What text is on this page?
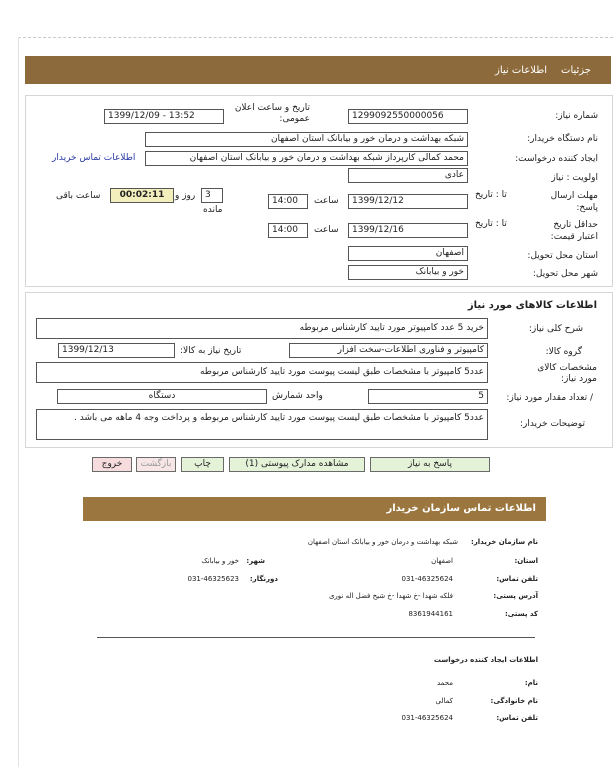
جزئیات
اطلاعات نیاز
شماره نیاز:
1299092550000056
تاریخ و ساعت اعلان عمومی:
1399/12/09 - 13:52
نام دستگاه خریدار:
شبکه بهداشت و درمان خور و بیابانک استان اصفهان
ایجاد کننده درخواست:
محمد کمالی کارپرداز شبکه بهداشت و درمان خور و بیابانک استان اصفهان
اطلاعات تماس خریدار
اولویت : نیاز
عادی
مهلت ارسال پاسخ:
تا : تاریخ
1399/12/12
ساعت
14:00
3
روز و
00:02:11
ساعت باقی
مانده
حداقل تاریخ اعتبار قیمت:
تا : تاریخ
1399/12/16
ساعت
14:00
استان محل تحویل:
اصفهان
شهر محل تحویل:
خور و بیابانک
اطلاعات کالاهای مورد نیاز
شرح کلی نیاز:
خرید 5 عدد کامپیوتر مورد تایید کارشناس مربوطه
گروه کالا:
کامپیوتر و فناوری اطلاعات-سخت افزار
تاریخ نیاز به کالا:
1399/12/13
مشخصات کالای مورد نیاز:
عدد5 کامپیوتر با مشخصات طبق لیست پیوست مورد تایید کارشناس مربوطه
/ تعداد مقدار مورد نیاز:
5
واحد شمارش
دستگاه
توضیحات خریدار:
عدد5 کامپیوتر با مشخصات طبق لیست پیوست مورد تایید کارشناس مربوطه و پرداخت وجه 4 ماهه می باشد .
پاسخ به نیاز
مشاهده مدارک پیوستی (1)
چاپ
بازگشت
خروج
اطلاعات تماس سازمان خریدار
نام سازمان خریدار:
شبکه بهداشت و درمان خور و بیابانک استان اصفهان
استان:
اصفهان
شهر:
خور و بیابانک
تلفن تماس:
031-46325624
دورنگار:
031-46325623
آدرس پستی:
فلکه شهدا -خ شهدا -خ شیخ فضل اله نوری
کد پستی:
8361944161
اطلاعات ایجاد کننده درخواست
نام:
محمد
نام خانوادگی:
کمالی
تلفن تماس:
031-46325624
